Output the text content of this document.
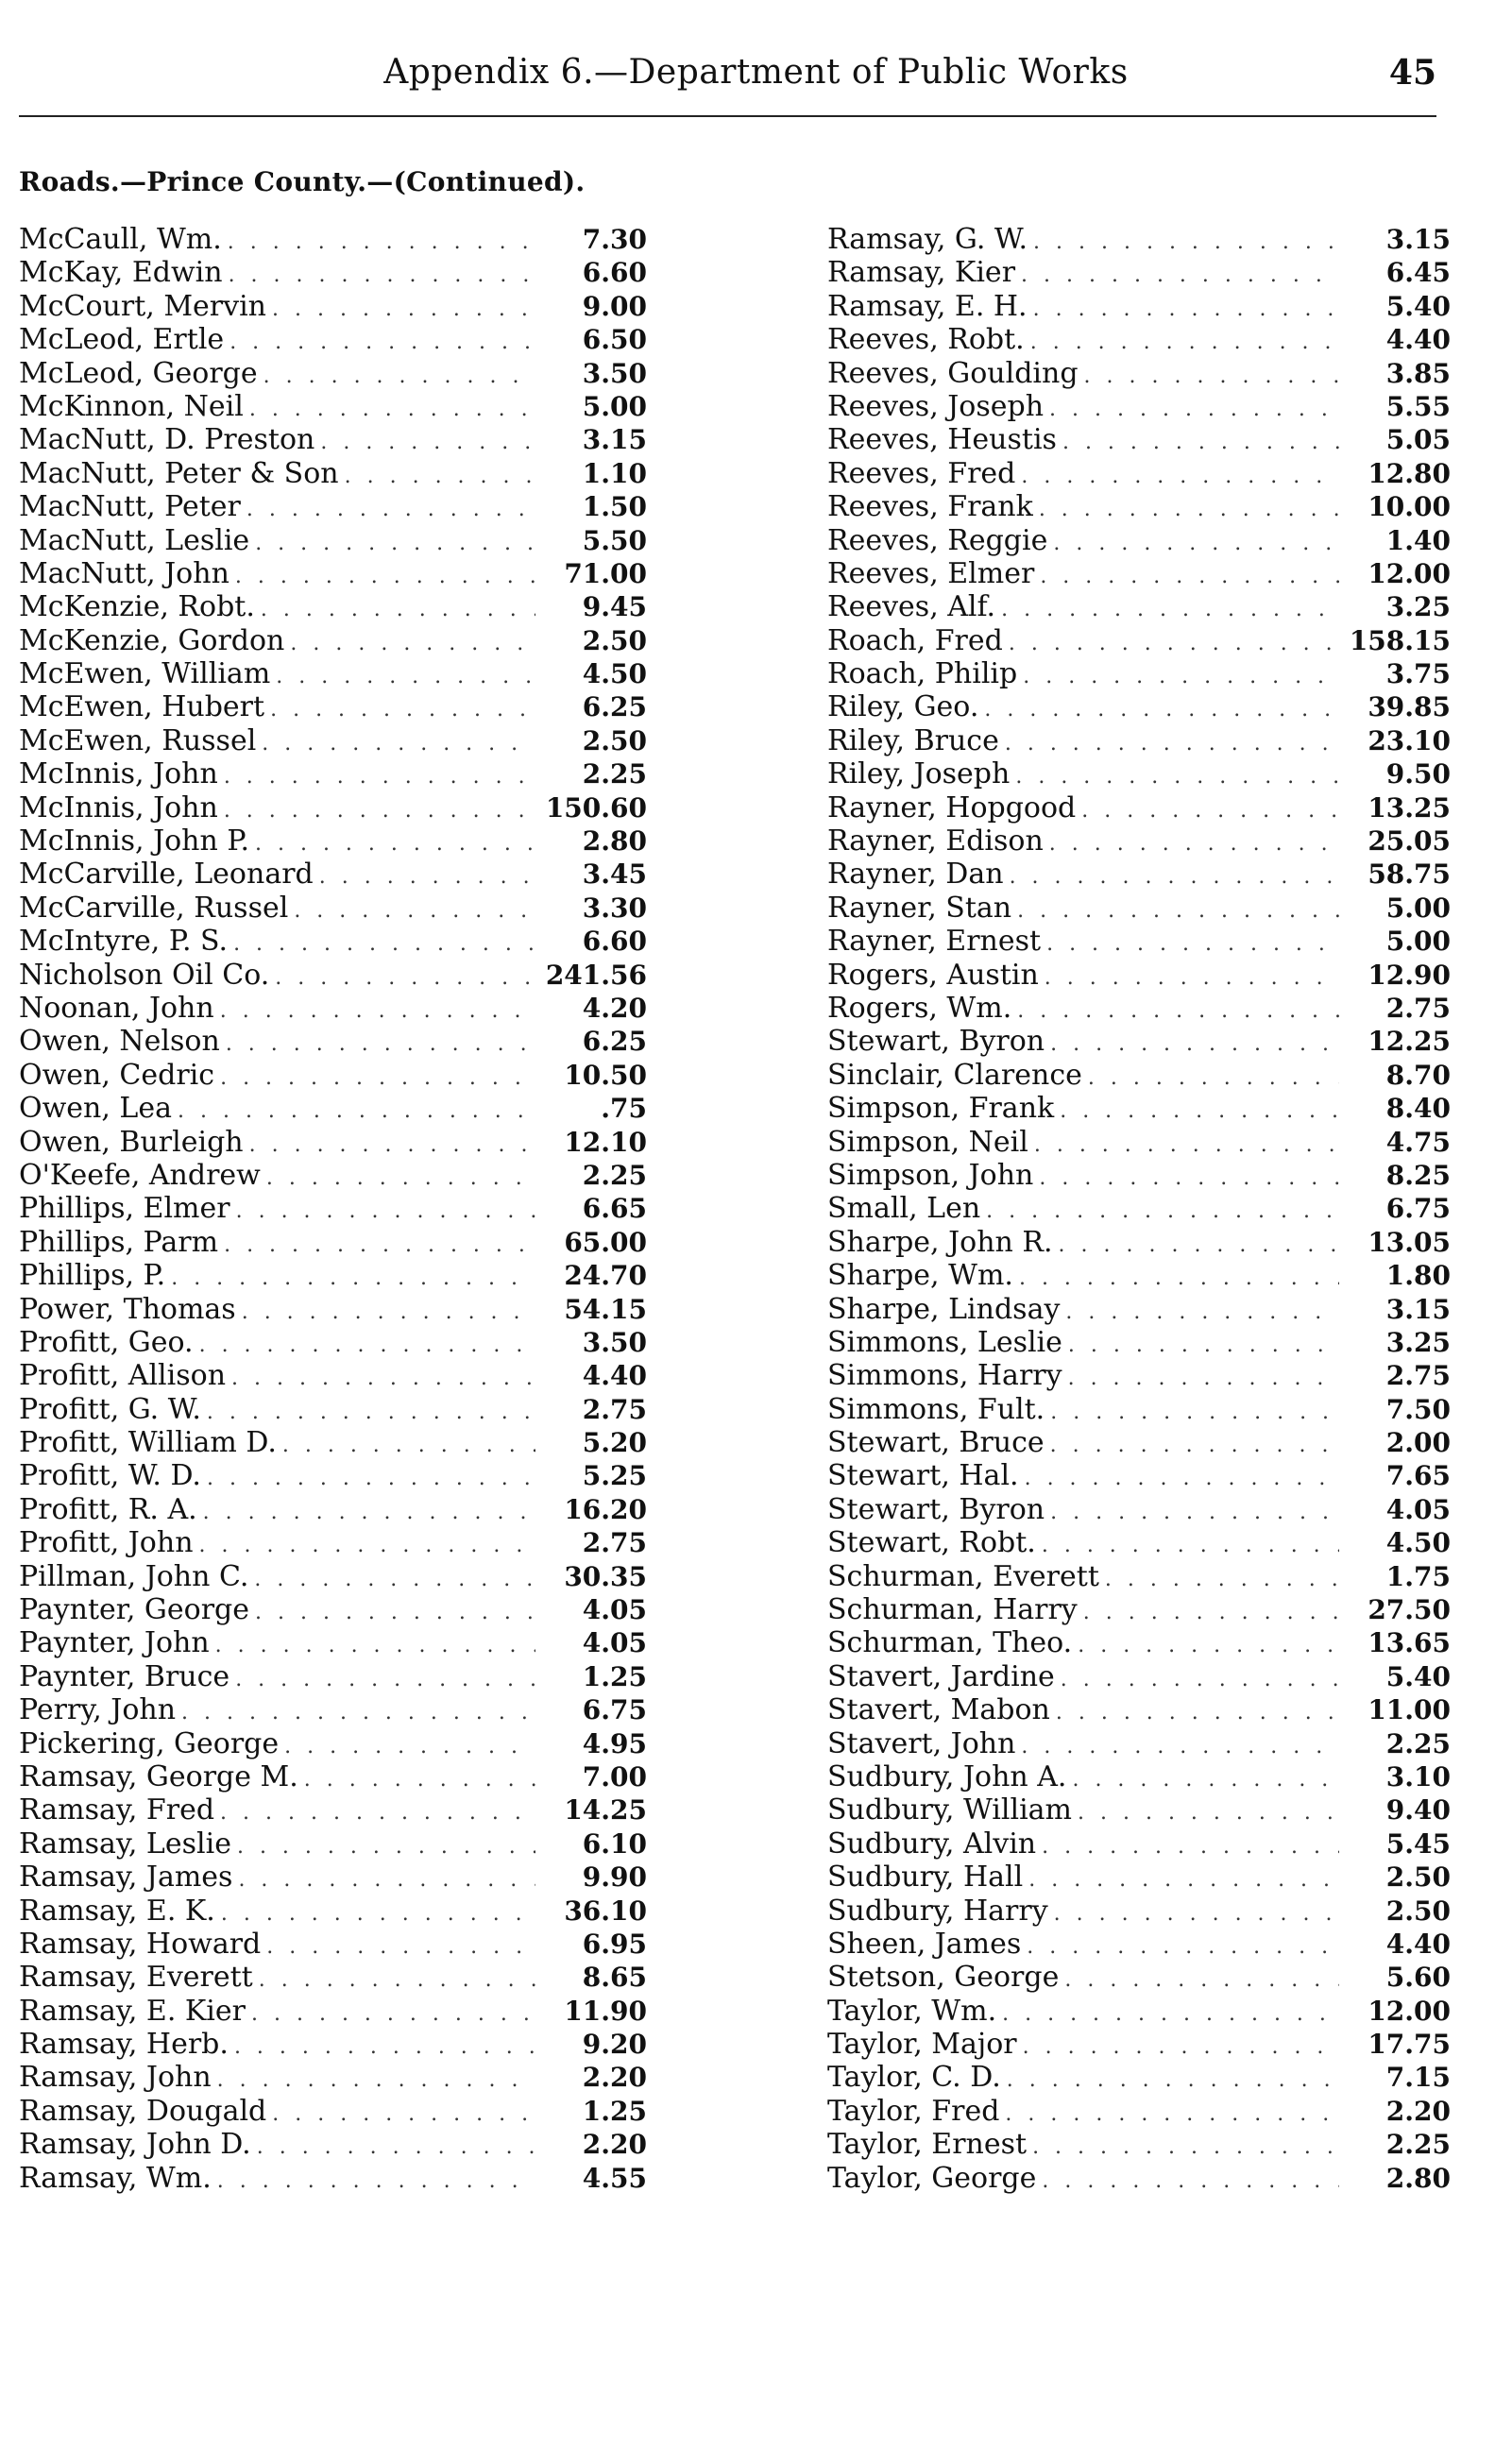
Appendix 6.—Department of Public Works	45
Roads.—Prince County.—(Continued).
McCaull, Wm. . . .	7.30
McKay, Edwin . . .	6.60
McCourt, Mervin . . .	9.00
McLeod, Ertle . . .	6.50
McLeod, George . . .	3.50
McKinnon, Neil . . .	5.00
MacNutt, D. Preston . . .	3.15
MacNutt, Peter & Son . . .	1.10
MacNutt, Peter . . .	1.50
MacNutt, Leslie . . .	5.50
MacNutt, John . . .	71.00
McKenzie, Robt. . . .	9.45
McKenzie, Gordon . . .	2.50
McEwen, William . . .	4.50
McEwen, Hubert . . .	6.25
McEwen, Russel . . .	2.50
McInnis, John . . .	2.25
McInnis, John . . .	150.60
McInnis, John P. . . .	2.80
McCarville, Leonard . . .	3.45
McCarville, Russel . . .	3.30
McIntyre, P. S. . . .	6.60
Nicholson Oil Co. . . .	241.56
Noonan, John . . .	4.20
Owen, Nelson . . .	6.25
Owen, Cedric . . .	10.50
Owen, Lea . . .	.75
Owen, Burleigh . . .	12.10
O'Keefe, Andrew . . .	2.25
Phillips, Elmer . . .	6.65
Phillips, Parm . . .	65.00
Phillips, P. . . .	24.70
Power, Thomas . . .	54.15
Profitt, Geo. . . .	3.50
Profitt, Allison . . .	4.40
Profitt, G. W. . . .	2.75
Profitt, William D. . . .	5.20
Profitt, W. D. . . .	5.25
Profitt, R. A. . . .	16.20
Profitt, John . . .	2.75
Pillman, John C. . . .	30.35
Paynter, George . . .	4.05
Paynter, John . . .	4.05
Paynter, Bruce . . .	1.25
Perry, John . . .	6.75
Pickering, George . . .	4.95
Ramsay, George M. . . .	7.00
Ramsay, Fred . . .	14.25
Ramsay, Leslie . . .	6.10
Ramsay, James . . .	9.90
Ramsay, E. K. . . .	36.10
Ramsay, Howard . . .	6.95
Ramsay, Everett . . .	8.65
Ramsay, E. Kier . . .	11.90
Ramsay, Herb. . . .	9.20
Ramsay, John . . .	2.20
Ramsay, Dougald . . .	1.25
Ramsay, John D. . . .	2.20
Ramsay, Wm. . . .	4.55
Ramsay, G. W. . . .	3.15
Ramsay, Kier . . .	6.45
Ramsay, E. H. . . .	5.40
Reeves, Robt. . . .	4.40
Reeves, Goulding . . .	3.85
Reeves, Joseph . . .	5.55
Reeves, Heustis . . .	5.05
Reeves, Fred . . .	12.80
Reeves, Frank . . .	10.00
Reeves, Reggie . . .	1.40
Reeves, Elmer . . .	12.00
Reeves, Alf. . . .	3.25
Roach, Fred . . .	158.15
Roach, Philip . . .	3.75
Riley, Geo. . . .	39.85
Riley, Bruce . . .	23.10
Riley, Joseph . . .	9.50
Rayner, Hopgood . . .	13.25
Rayner, Edison . . .	25.05
Rayner, Dan . . .	58.75
Rayner, Stan . . .	5.00
Rayner, Ernest . . .	5.00
Rogers, Austin . . .	12.90
Rogers, Wm. . . .	2.75
Stewart, Byron . . .	12.25
Sinclair, Clarence . . .	8.70
Simpson, Frank . . .	8.40
Simpson, Neil . . .	4.75
Simpson, John . . .	8.25
Small, Len . . .	6.75
Sharpe, John R. . . .	13.05
Sharpe, Wm. . . .	1.80
Sharpe, Lindsay . . .	3.15
Simmons, Leslie . . .	3.25
Simmons, Harry . . .	2.75
Simmons, Fult. . . .	7.50
Stewart, Bruce . . .	2.00
Stewart, Hal. . . .	7.65
Stewart, Byron . . .	4.05
Stewart, Robt. . . .	4.50
Schurman, Everett . . .	1.75
Schurman, Harry . . .	27.50
Schurman, Theo. . . .	13.65
Stavert, Jardine . . .	5.40
Stavert, Mabon . . .	11.00
Stavert, John . . .	2.25
Sudbury, John A. . . .	3.10
Sudbury, William . . .	9.40
Sudbury, Alvin . . .	5.45
Sudbury, Hall . . .	2.50
Sudbury, Harry . . .	2.50
Sheen, James . . .	4.40
Stetson, George . . .	5.60
Taylor, Wm. . . .	12.00
Taylor, Major . . .	17.75
Taylor, C. D. . . .	7.15
Taylor, Fred . . .	2.20
Taylor, Ernest . . .	2.25
Taylor, George . . .	2.80
